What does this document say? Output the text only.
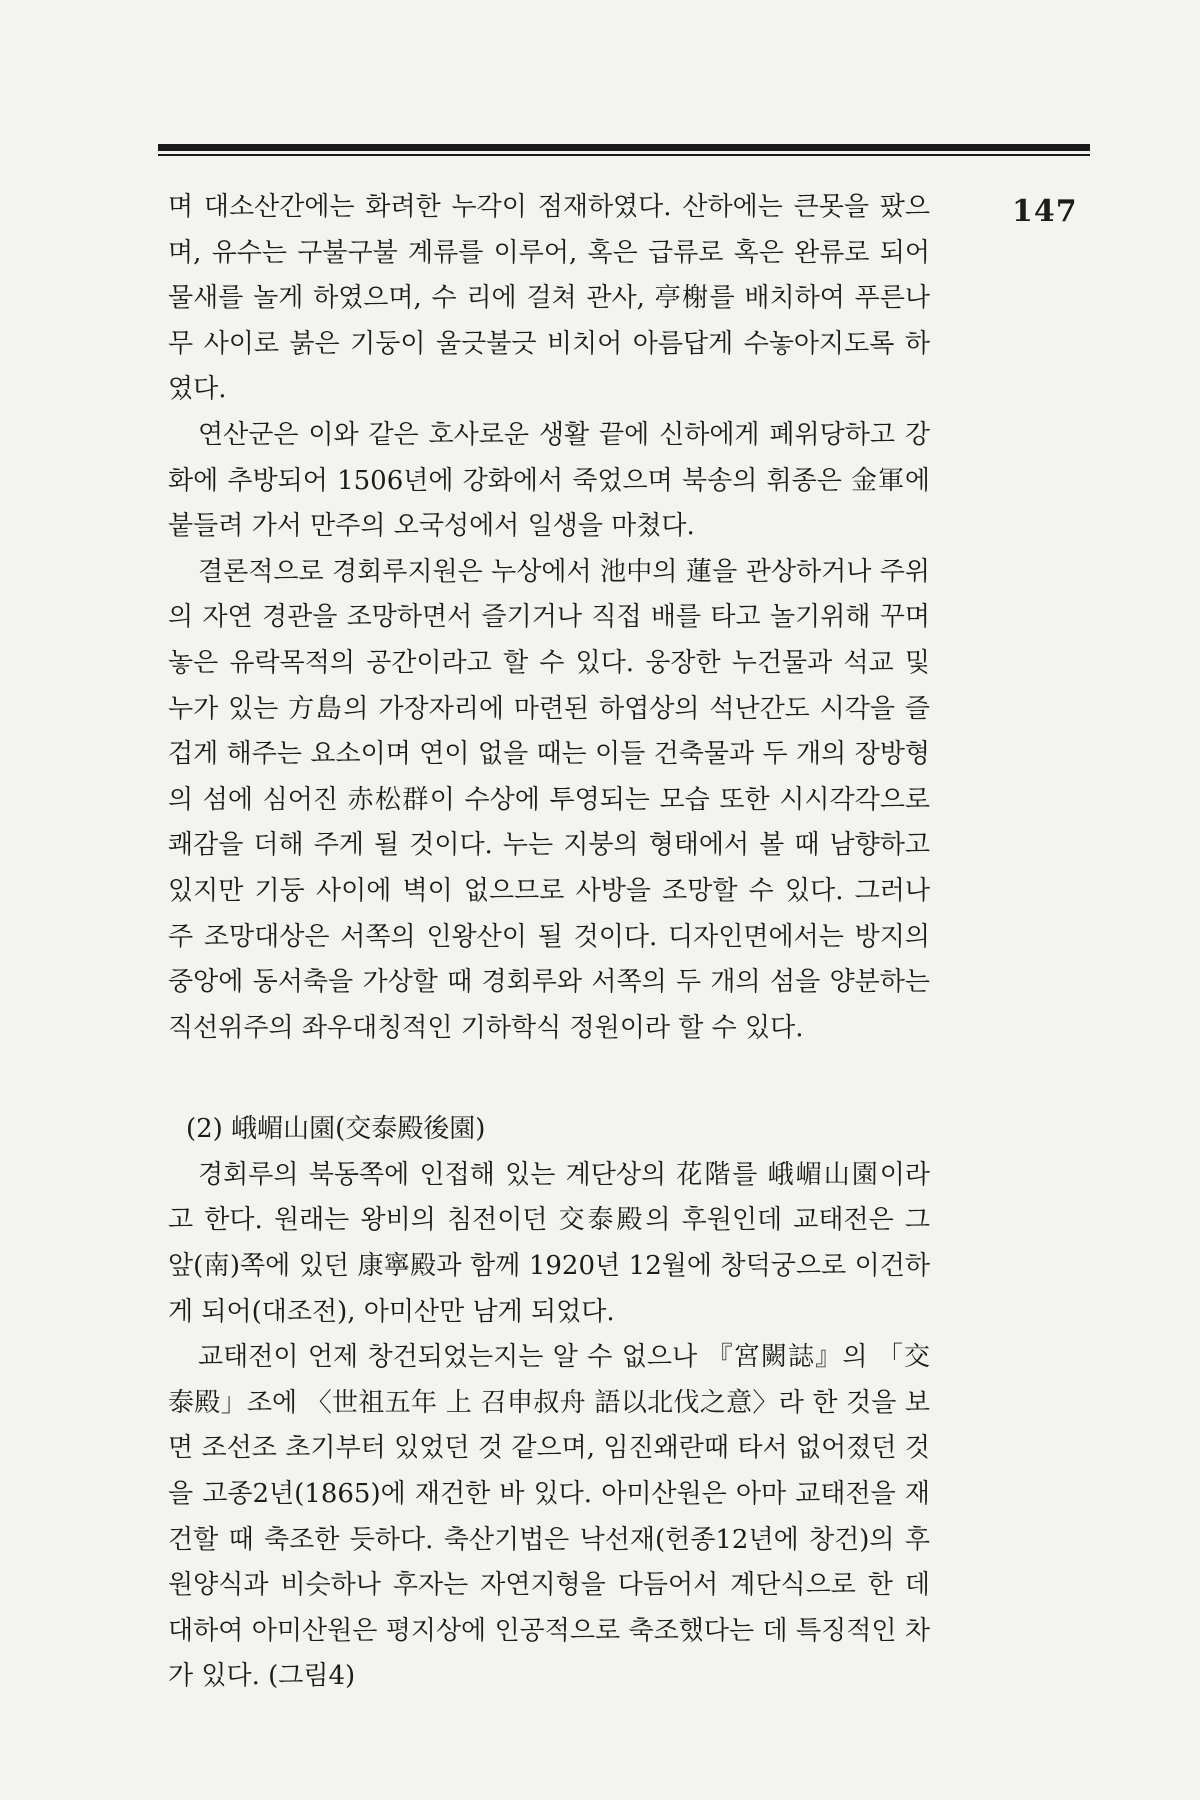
147

며 대소산간에는 화려한 누각이 점재하였다. 산하에는 큰못을 팠으며, 유수는 구불구불 계류를 이루어, 혹은 급류로 혹은 완류로 되어 물새를 놀게 하였으며, 수 리에 걸쳐 관사, 亭榭를 배치하여 푸른나무 사이로 붉은 기둥이 울긋불긋 비치어 아름답게 수놓아지도록 하였다.

연산군은 이와 같은 호사로운 생활 끝에 신하에게 폐위당하고 강화에 추방되어 1506년에 강화에서 죽었으며 북송의 휘종은 金軍에 붙들려 가서 만주의 오국성에서 일생을 마쳤다.

결론적으로 경회루지원은 누상에서 池中의 蓮을 관상하거나 주위의 자연 경관을 조망하면서 즐기거나 직접 배를 타고 놀기위해 꾸며놓은 유락목적의 공간이라고 할 수 있다. 웅장한 누건물과 석교 및 누가 있는 方島의 가장자리에 마련된 하엽상의 석난간도 시각을 즐겁게 해주는 요소이며 연이 없을 때는 이들 건축물과 두 개의 장방형의 섬에 심어진 赤松群이 수상에 투영되는 모습 또한 시시각각으로 쾌감을 더해 주게 될 것이다. 누는 지붕의 형태에서 볼 때 남향하고 있지만 기둥 사이에 벽이 없으므로 사방을 조망할 수 있다. 그러나 주 조망대상은 서쪽의 인왕산이 될 것이다. 디자인면에서는 방지의 중앙에 동서축을 가상할 때 경회루와 서쪽의 두 개의 섬을 양분하는 직선위주의 좌우대칭적인 기하학식 정원이라 할 수 있다.

(2) 峨嵋山園(交泰殿後園)

경회루의 북동쪽에 인접해 있는 계단상의 花階를 峨嵋山園이라고 한다. 원래는 왕비의 침전이던 交泰殿의 후원인데 교태전은 그 앞(南)쪽에 있던 康寧殿과 함께 1920년 12월에 창덕궁으로 이건하게 되어(대조전), 아미산만 남게 되었다.

교태전이 언제 창건되었는지는 알 수 없으나 『宮闕誌』의 「交泰殿」조에 〈世祖五年 上 召申叔舟 語以北伐之意〉라 한 것을 보면 조선조 초기부터 있었던 것 같으며, 임진왜란때 타서 없어졌던 것을 고종2년(1865)에 재건한 바 있다. 아미산원은 아마 교태전을 재건할 때 축조한 듯하다. 축산기법은 낙선재(헌종12년에 창건)의 후원양식과 비슷하나 후자는 자연지형을 다듬어서 계단식으로 한 데 대하여 아미산원은 평지상에 인공적으로 축조했다는 데 특징적인 차가 있다. (그림4)
